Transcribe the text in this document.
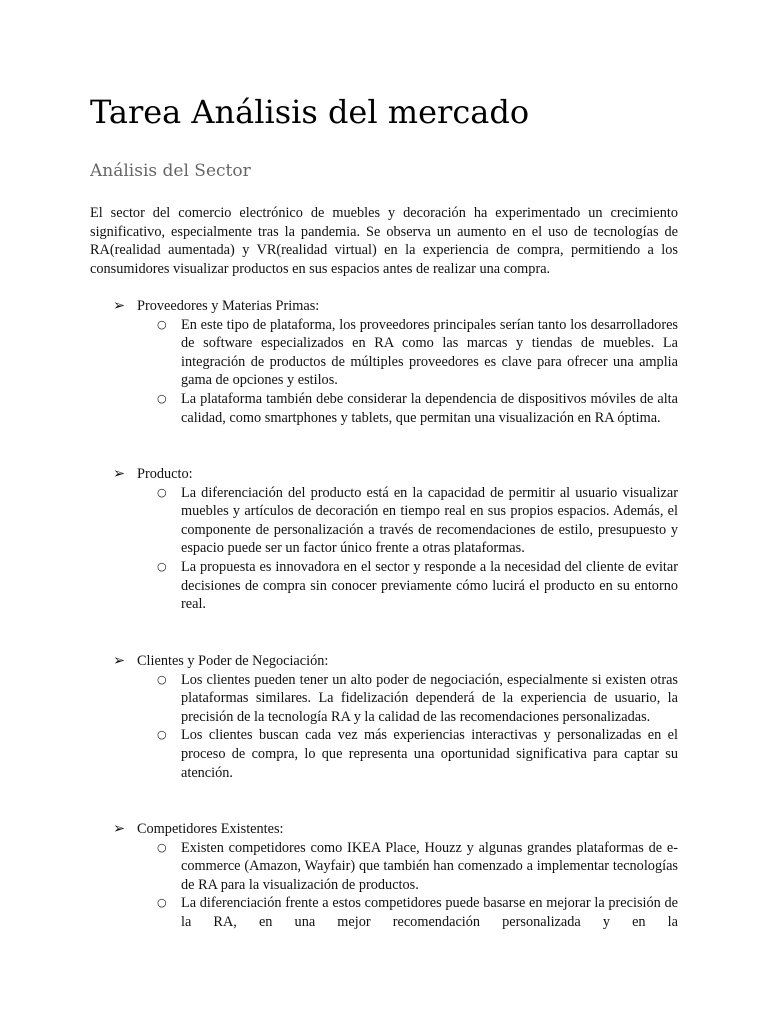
Tarea Análisis del mercado
Análisis del Sector

El sector del comercio electrónico de muebles y decoración ha experimentado un crecimiento significativo, especialmente tras la pandemia. Se observa un aumento en el uso de tecnologías de RA(realidad aumentada) y VR(realidad virtual) en la experiencia de compra, permitiendo a los consumidores visualizar productos en sus espacios antes de realizar una compra.

➢ Proveedores y Materias Primas:
○ En este tipo de plataforma, los proveedores principales serían tanto los desarrolladores de software especializados en RA como las marcas y tiendas de muebles. La integración de productos de múltiples proveedores es clave para ofrecer una amplia gama de opciones y estilos.

○ La plataforma también debe considerar la dependencia de dispositivos móviles de alta calidad, como smartphones y tablets, que permitan una visualización en RA óptima.

➢ Producto:
○ La diferenciación del producto está en la capacidad de permitir al usuario visualizar muebles y artículos de decoración en tiempo real en sus propios espacios. Además, el componente de personalización a través de recomendaciones de estilo, presupuesto y espacio puede ser un factor único frente a otras plataformas.

○ La propuesta es innovadora en el sector y responde a la necesidad del cliente de evitar decisiones de compra sin conocer previamente cómo lucirá el producto en su entorno real.

➢ Clientes y Poder de Negociación:
○ Los clientes pueden tener un alto poder de negociación, especialmente si existen otras plataformas similares. La fidelización dependerá de la experiencia de usuario, la precisión de la tecnología RA y la calidad de las recomendaciones personalizadas.

○ Los clientes buscan cada vez más experiencias interactivas y personalizadas en el proceso de compra, lo que representa una oportunidad significativa para captar su atención.

➢ Competidores Existentes:
○ Existen competidores como IKEA Place, Houzz y algunas grandes plataformas de e-commerce (Amazon, Wayfair) que también han comenzado a implementar tecnologías de RA para la visualización de productos.

○ La diferenciación frente a estos competidores puede basarse en mejorar la precisión de la RA, en una mejor recomendación personalizada y en la
